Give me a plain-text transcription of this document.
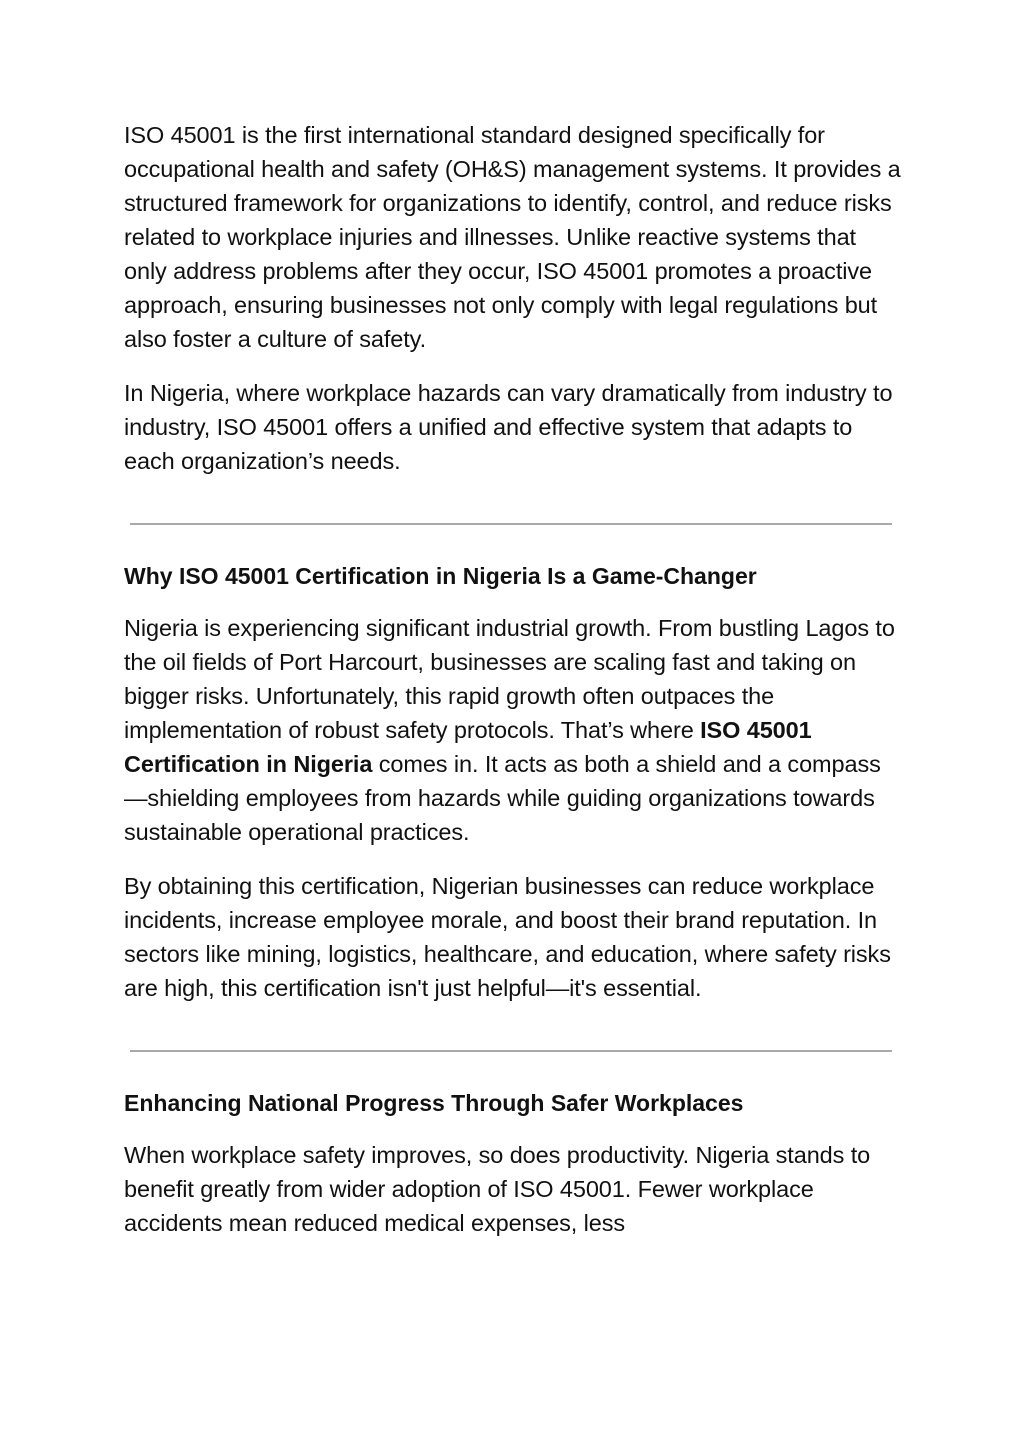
ISO 45001 is the first international standard designed specifically for occupational health and safety (OH&S) management systems. It provides a structured framework for organizations to identify, control, and reduce risks related to workplace injuries and illnesses. Unlike reactive systems that only address problems after they occur, ISO 45001 promotes a proactive approach, ensuring businesses not only comply with legal regulations but also foster a culture of safety.

In Nigeria, where workplace hazards can vary dramatically from industry to industry, ISO 45001 offers a unified and effective system that adapts to each organization’s needs.

Why ISO 45001 Certification in Nigeria Is a Game-Changer

Nigeria is experiencing significant industrial growth. From bustling Lagos to the oil fields of Port Harcourt, businesses are scaling fast and taking on bigger risks. Unfortunately, this rapid growth often outpaces the implementation of robust safety protocols. That’s where ISO 45001 Certification in Nigeria comes in. It acts as both a shield and a compass—shielding employees from hazards while guiding organizations towards sustainable operational practices.

By obtaining this certification, Nigerian businesses can reduce workplace incidents, increase employee morale, and boost their brand reputation. In sectors like mining, logistics, healthcare, and education, where safety risks are high, this certification isn't just helpful—it's essential.

Enhancing National Progress Through Safer Workplaces

When workplace safety improves, so does productivity. Nigeria stands to benefit greatly from wider adoption of ISO 45001. Fewer workplace accidents mean reduced medical expenses, less
